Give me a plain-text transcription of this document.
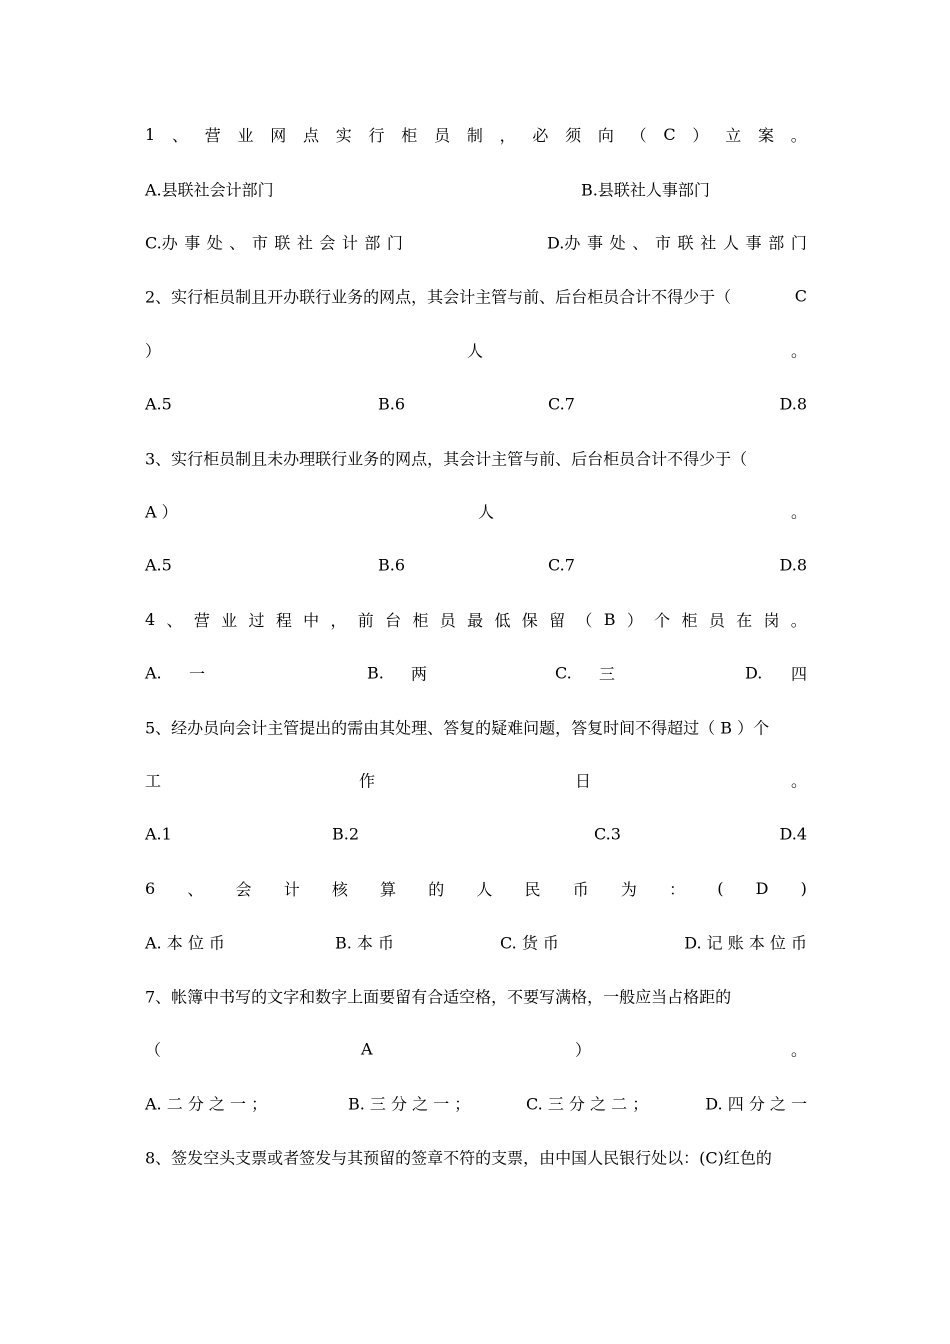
1 、 营 业 网 点 实 行 柜 员 制 ， 必 须 向 （ C ） 立 案 。
A.县联社会计部门	B.县联社人事部门
C.办 事 处 、 市 联 社 会 计 部 门	D.办 事 处 、 市 联 社 人 事 部 门
2、实行柜员制且开办联行业务的网点，其会计主管与前、后台柜员合计不得少于（	C
）	人	。
A.5	B.6	C.7	D.8
3、实行柜员制且未办理联行业务的网点，其会计主管与前、后台柜员合计不得少于（
A ）	人	。
A.5	B.6	C.7	D.8
4 、 营 业 过 程 中 ， 前 台 柜 员 最 低 保 留 （ B ） 个 柜 员 在 岗 。
A. 一	B. 两	C. 三	D. 四
5、经办员向会计主管提出的需由其处理、答复的疑难问题，答复时间不得超过（ B ）个
工	作	日	。
A.1	B.2	C.3	D.4
6 、 会 计 核 算 的 人 民 币 为 ： ( D )
A. 本 位 币	B. 本 币	C. 货 币	D. 记 账 本 位 币
7、帐簿中书写的文字和数字上面要留有合适空格，不要写满格，一般应当占格距的
（	A	）	。
A. 二 分 之 一 ；	B. 三 分 之 一 ；	C. 三 分 之 二 ；	D. 四 分 之 一
8、签发空头支票或者签发与其预留的签章不符的支票，由中国人民银行处以：(C)红色的
